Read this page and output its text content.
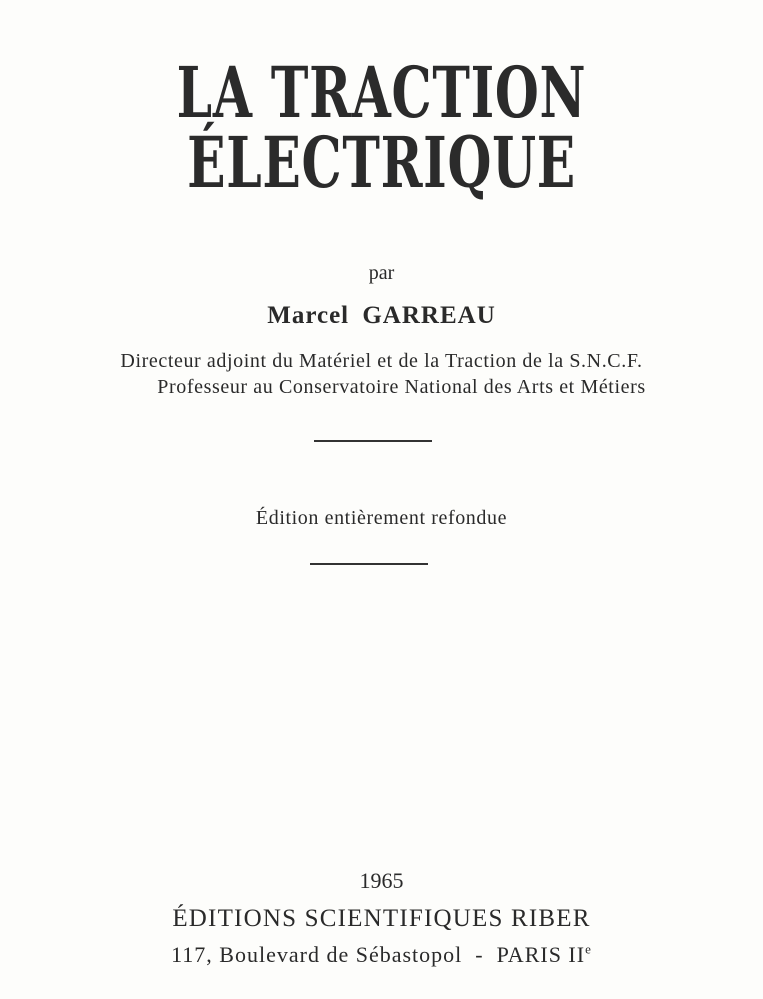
LA TRACTION ÉLECTRIQUE
par
Marcel GARREAU
Directeur adjoint du Matériel et de la Traction de la S.N.C.F.
Professeur au Conservatoire National des Arts et Métiers
Édition entièrement refondue
1965
ÉDITIONS SCIENTIFIQUES RIBER
117, Boulevard de Sébastopol - PARIS IIe
